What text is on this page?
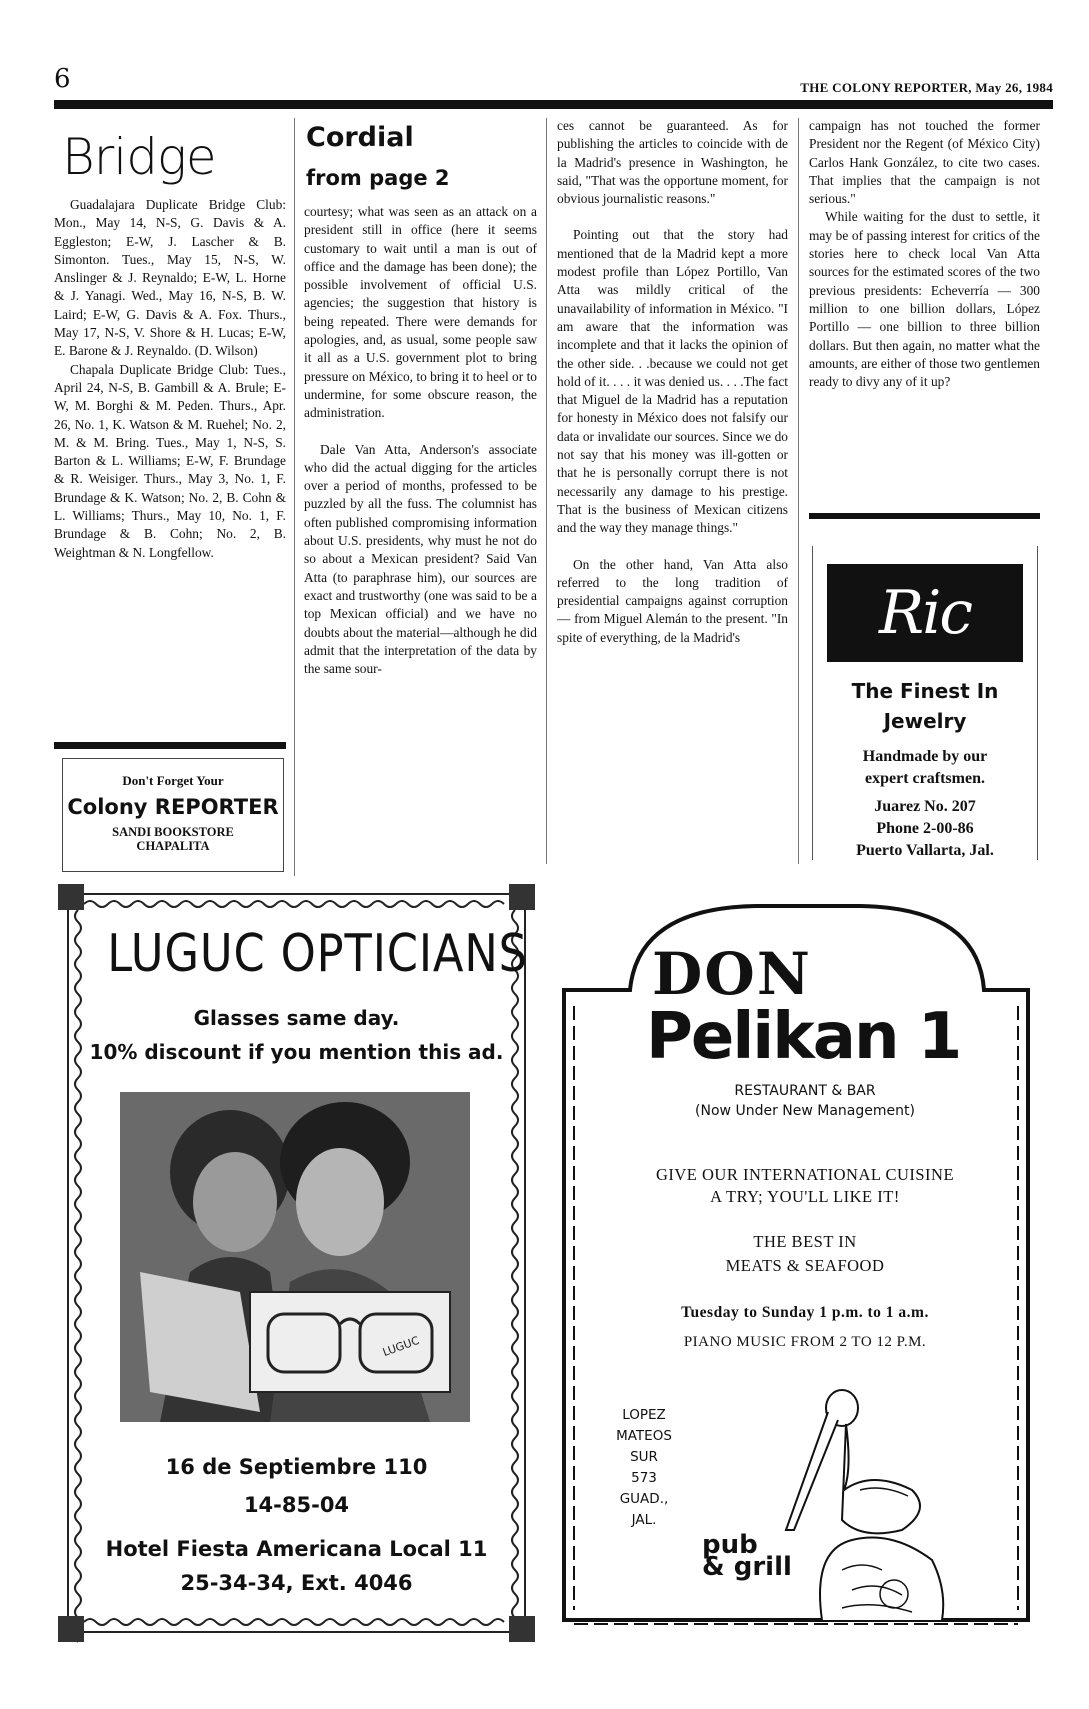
6	THE COLONY REPORTER, May 26, 1984
Bridge

Guadalajara Duplicate Bridge Club: Mon., May 14, N-S, G. Davis & A. Eggleston; E-W, J. Lascher & B. Simonton. Tues., May 15, N-S, W. Anslinger & J. Reynaldo; E-W, L. Horne & J. Yanagi. Wed., May 16, N-S, B. W. Laird; E-W, G. Davis & A. Fox. Thurs., May 17, N-S, V. Shore & H. Lucas; E-W, E. Barone & J. Reynaldo. (D. Wilson)

Chapala Duplicate Bridge Club: Tues., April 24, N-S, B. Gambill & A. Brule; E-W, M. Borghi & M. Peden. Thurs., Apr. 26, No. 1, K. Watson & M. Ruehel; No. 2, M. & M. Bring. Tues., May 1, N-S, S. Barton & L. Williams; E-W, F. Brundage & R. Weisiger. Thurs., May 3, No. 1, F. Brundage & K. Watson; No. 2, B. Cohn & L. Williams; Thurs., May 10, No. 1, F. Brundage & B. Cohn; No. 2, B. Weightman & N. Longfellow.

Don't Forget Your
Colony REPORTER
SANDI BOOKSTORE
CHAPALITA
Cordial
from page 2

courtesy; what was seen as an attack on a president still in office (here it seems customary to wait until a man is out of office and the damage has been done); the possible involvement of official U.S. agencies; the suggestion that history is being repeated. There were demands for apologies, and, as usual, some people saw it all as a U.S. government plot to bring pressure on México, to bring it to heel or to undermine, for some obscure reason, the administration.

Dale Van Atta, Anderson's associate who did the actual digging for the articles over a period of months, professed to be puzzled by all the fuss. The columnist has often published compromising information about U.S. presidents, why must he not do so about a Mexican president? Said Van Atta (to paraphrase him), our sources are exact and trustworthy (one was said to be a top Mexican official) and we have no doubts about the material—although he did admit that the interpretation of the data by the same sour-

ces cannot be guaranteed. As for publishing the articles to coincide with de la Madrid's presence in Washington, he said, "That was the opportune moment, for obvious journalistic reasons."

Pointing out that the story had mentioned that de la Madrid kept a more modest profile than López Portillo, Van Atta was mildly critical of the unavailability of information in México. "I am aware that the information was incomplete and that it lacks the opinion of the other side. . .because we could not get hold of it. . . . it was denied us. . . .The fact that Miguel de la Madrid has a reputation for honesty in México does not falsify our data or invalidate our sources. Since we do not say that his money was ill-gotten or that he is personally corrupt there is not necessarily any damage to his prestige. That is the business of Mexican citizens and the way they manage things."

On the other hand, Van Atta also referred to the long tradition of presidential campaigns against corruption — from Miguel Alemán to the present. "In spite of everything, de la Madrid's

campaign has not touched the former President nor the Regent (of México City) Carlos Hank González, to cite two cases. That implies that the campaign is not serious."

While waiting for the dust to settle, it may be of passing interest for critics of the stories here to check local Van Atta sources for the estimated scores of the two previous presidents: Echeverría — 300 million to one billion dollars, López Portillo — one billion to three billion dollars. But then again, no matter what the amounts, are either of those two gentlemen ready to divy any of it up?

Ric
The Finest In
Jewelry
Handmade by our
expert craftsmen.
Juarez No. 207
Phone 2-00-86
Puerto Vallarta, Jal.
LUGUC OPTICIANS
Glasses same day.
10% discount if you mention this ad.
LUGUC
16 de Septiembre 110
14-85-04
Hotel Fiesta Americana Local 11
25-34-34, Ext. 4046
DON
Pelikan 1
RESTAURANT & BAR
(Now Under New Management)
GIVE OUR INTERNATIONAL CUISINE
A TRY; YOU'LL LIKE IT!
THE BEST IN
MEATS & SEAFOOD
Tuesday to Sunday 1 p.m. to 1 a.m.
PIANO MUSIC FROM 2 TO 12 P.M.
LOPEZ
MATEOS
SUR
573
GUAD.,
JAL.
pub
& grill
